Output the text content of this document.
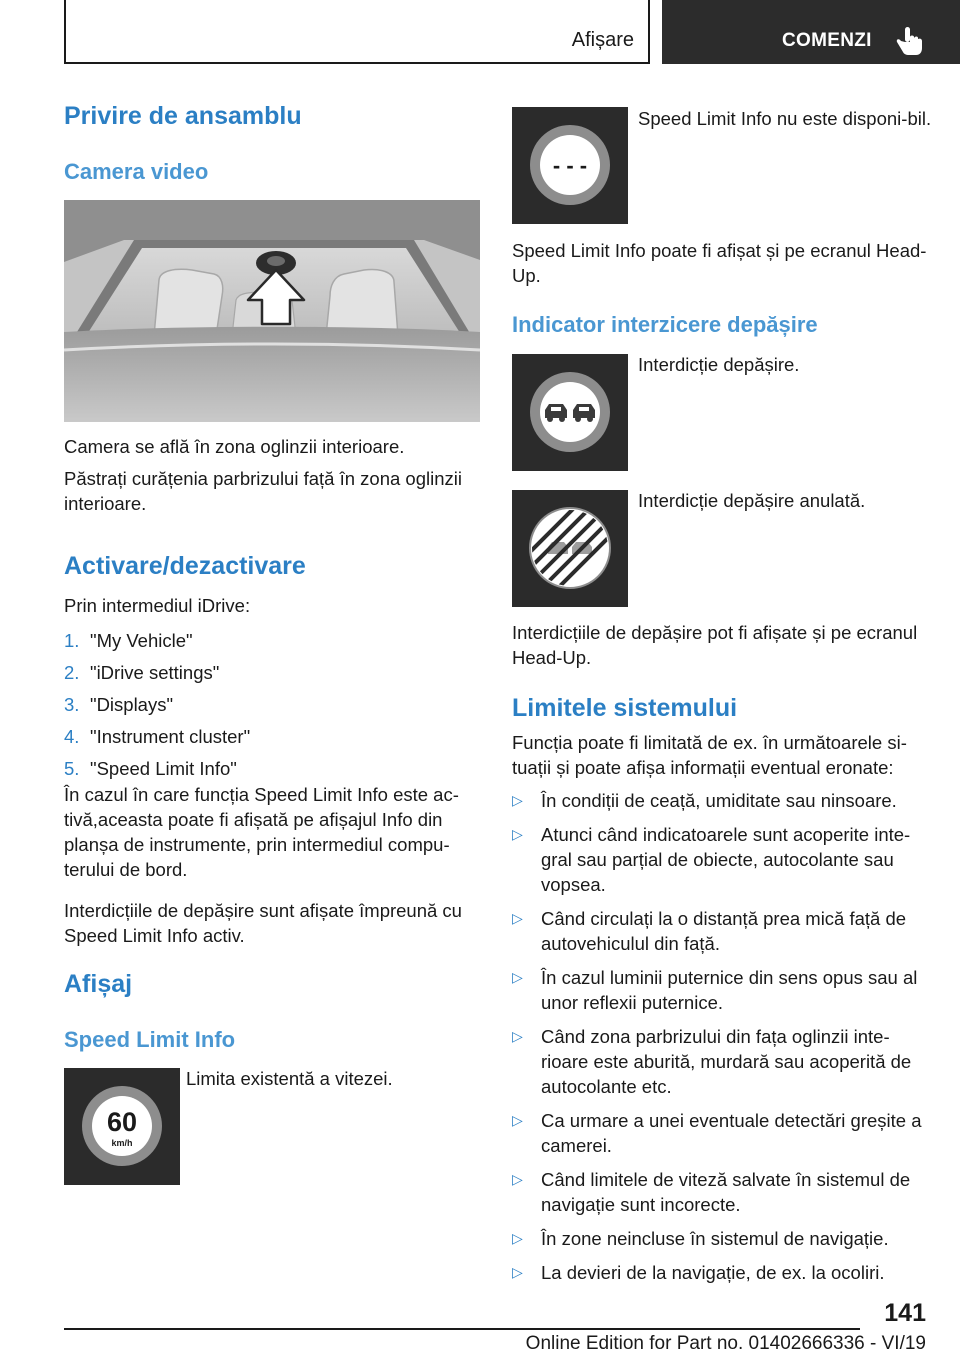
Afișare	COMENZI
Privire de ansamblu
Camera video
Camera se află în zona oglinzii interioare.
Păstrați curățenia parbrizului față în zona oglinzii interioare.
Activare/dezactivare
Prin intermediul iDrive:
1. "My Vehicle"
2. "iDrive settings"
3. "Displays"
4. "Instrument cluster"
5. "Speed Limit Info"
În cazul în care funcția Speed Limit Info este ac-tivă,aceasta poate fi afișată pe afișajul Info din planșa de instrumente, prin intermediul compu-terului de bord.
Interdicțiile de depășire sunt afișate împreună cu Speed Limit Info activ.
Afișaj
Speed Limit Info
60
km/h
Limita existentă a vitezei.
- - -
Speed Limit Info nu este disponi-bil.
Speed Limit Info poate fi afișat și pe ecranul Head-Up.
Indicator interzicere depășire
Interdicție depășire.
Interdicție depășire anulată.
Interdicțiile de depășire pot fi afișate și pe ecranul Head-Up.
Limitele sistemului
Funcția poate fi limitată de ex. în următoarele si-tuații și poate afișa informații eventual eronate:
▷ În condiții de ceață, umiditate sau ninsoare.
▷ Atunci când indicatoarele sunt acoperite inte-gral sau parțial de obiecte, autocolante sau vopsea.
▷ Când circulați la o distanță prea mică față de autovehiculul din față.
▷ În cazul luminii puternice din sens opus sau al unor reflexii puternice.
▷ Când zona parbrizului din fața oglinzii inte-rioare este aburită, murdară sau acoperită de autocolante etc.
▷ Ca urmare a unei eventuale detectări greșite a camerei.
▷ Când limitele de viteză salvate în sistemul de navigație sunt incorecte.
▷ În zone neincluse în sistemul de navigație.
▷ La devieri de la navigație, de ex. la ocoliri.
141
Online Edition for Part no. 01402666336 - VI/19
